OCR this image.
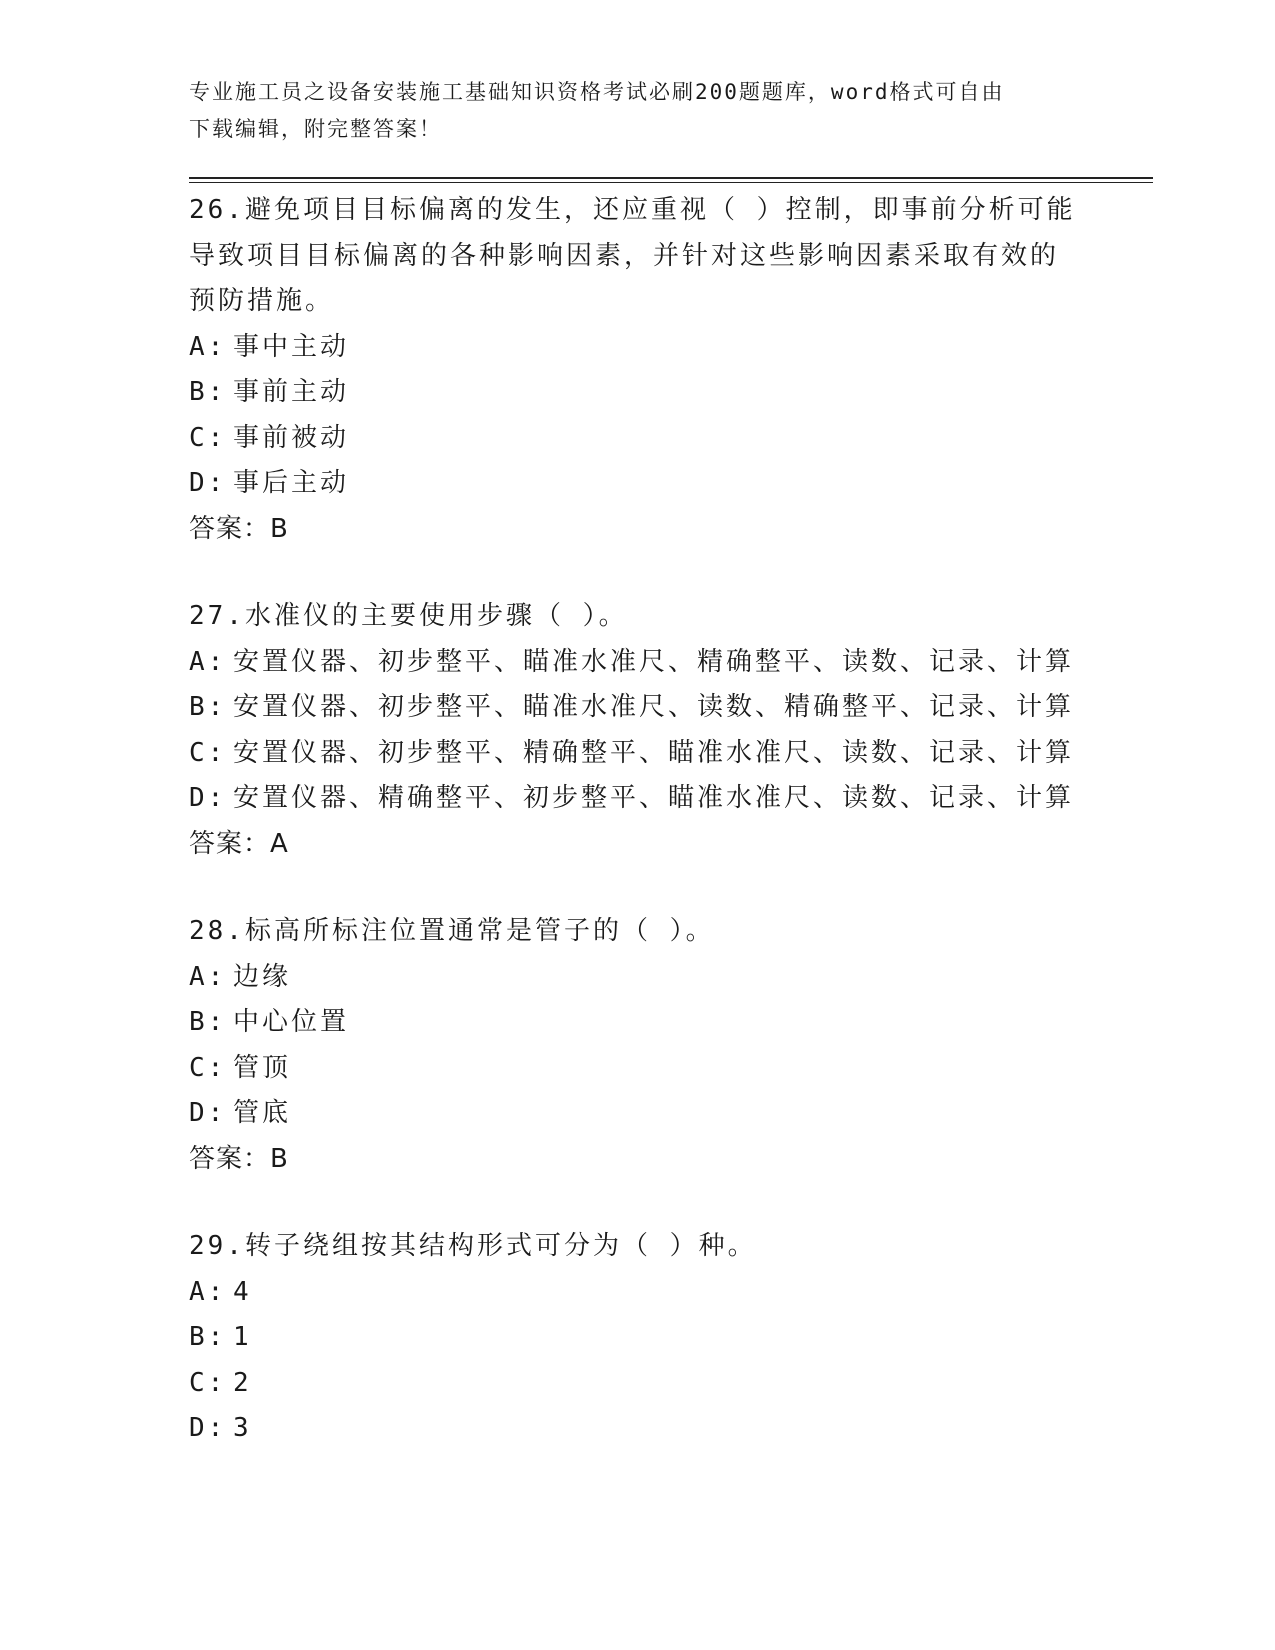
专业施工员之设备安装施工基础知识资格考试必刷200题题库，word格式可自由
下载编辑，附完整答案！
26.避免项目目标偏离的发生，还应重视（ ）控制，即事前分析可能
导致项目目标偏离的各种影响因素，并针对这些影响因素采取有效的
预防措施。
A: 事中主动
B: 事前主动
C: 事前被动
D: 事后主动
答案：B
27.水准仪的主要使用步骤（ ）。
A: 安置仪器、初步整平、瞄准水准尺、精确整平、读数、记录、计算
B: 安置仪器、初步整平、瞄准水准尺、读数、精确整平、记录、计算
C: 安置仪器、初步整平、精确整平、瞄准水准尺、读数、记录、计算
D: 安置仪器、精确整平、初步整平、瞄准水准尺、读数、记录、计算
答案：A
28.标高所标注位置通常是管子的（ ）。
A: 边缘
B: 中心位置
C: 管顶
D: 管底
答案：B
29.转子绕组按其结构形式可分为（ ）种。
A: 4
B: 1
C: 2
D: 3
